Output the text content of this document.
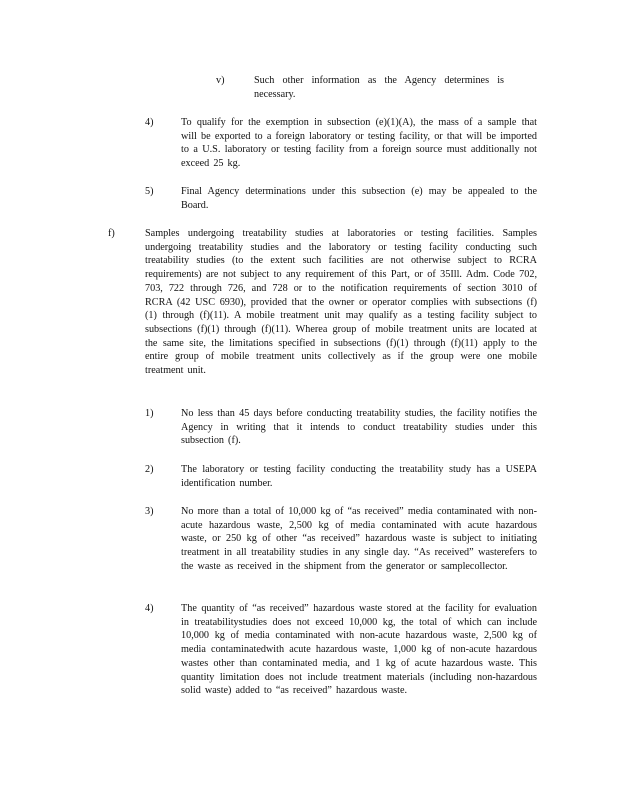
v)	Such other information as the Agency determines is necessary.
4)	To qualify for the exemption in subsection (e)(1)(A), the mass of a sample that will be exported to a foreign laboratory or testing facility, or that will be imported to a U.S. laboratory or testing facility from a foreign source must additionally not exceed 25 kg.
5)	Final Agency determinations under this subsection (e) may be appealed to the Board.
f)	Samples undergoing treatability studies at laboratories or testing facilities. Samples undergoing treatability studies and the laboratory or testing facility conducting such treatability studies (to the extent such facilities are not otherwise subject to RCRA requirements) are not subject to any requirement of this Part, or of 35Ill. Adm. Code 702, 703, 722 through 726, and 728 or to the notification requirements of section 3010 of RCRA (42 USC 6930), provided that the owner or operator complies with subsections (f)(1) through (f)(11). A mobile treatment unit may qualify as a testing facility subject to subsections (f)(1) through (f)(11). Wherea group of mobile treatment units are located at the same site, the limitations specified in subsections (f)(1) through (f)(11) apply to the entire group of mobile treatment units collectively as if the group were one mobile treatment unit.
1)	No less than 45 days before conducting treatability studies, the facility notifies the Agency in writing that it intends to conduct treatability studies under this subsection (f).
2)	The laboratory or testing facility conducting the treatability study has a USEPA identification number.
3)	No more than a total of 10,000 kg of “as received” media contaminated with non-acute hazardous waste, 2,500 kg of media contaminated with acute hazardous waste, or 250 kg of other “as received” hazardous waste is subject to initiating treatment in all treatability studies in any single day. “As received” wasterefers to the waste as received in the shipment from the generator or samplecollector.
4)	The quantity of “as received” hazardous waste stored at the facility for evaluation in treatabilitystudies does not exceed 10,000 kg, the total of which can include 10,000 kg of media contaminated with non-acute hazardous waste, 2,500 kg of media contaminatedwith acute hazardous waste, 1,000 kg of non-acute hazardous wastes other than contaminated media, and 1 kg of acute hazardous waste. This quantity limitation does not include treatment materials (including non-hazardous solid waste) added to “as received” hazardous waste.
